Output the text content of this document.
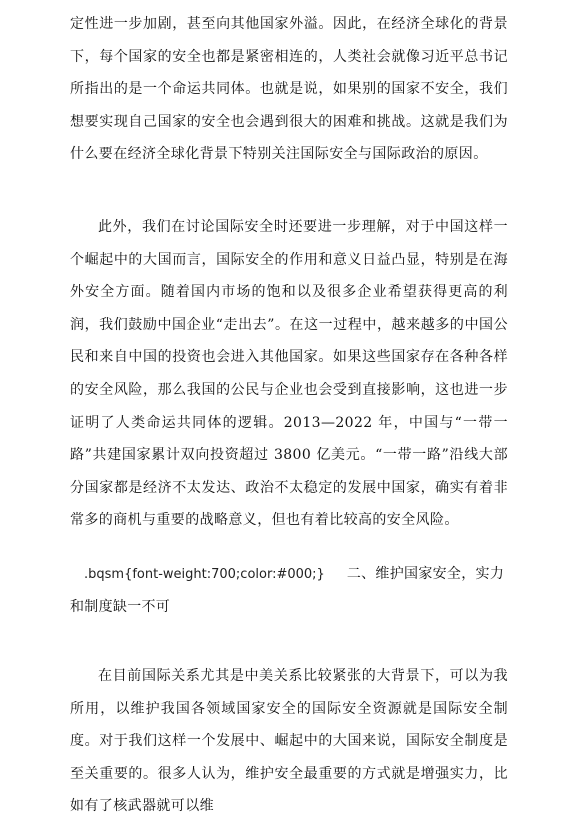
定性进一步加剧，甚至向其他国家外溢。因此，在经济全球化的背景下，每个国家的安全也都是紧密相连的，人类社会就像习近平总书记所指出的是一个命运共同体。也就是说，如果别的国家不安全，我们想要实现自己国家的安全也会遇到很大的困难和挑战。这就是我们为什么要在经济全球化背景下特别关注国际安全与国际政治的原因。

此外，我们在讨论国际安全时还要进一步理解，对于中国这样一个崛起中的大国而言，国际安全的作用和意义日益凸显，特别是在海外安全方面。随着国内市场的饱和以及很多企业希望获得更高的利润，我们鼓励中国企业“走出去”。在这一过程中，越来越多的中国公民和来自中国的投资也会进入其他国家。如果这些国家存在各种各样的安全风险，那么我国的公民与企业也会受到直接影响，这也进一步证明了人类命运共同体的逻辑。2013—2022 年，中国与“一带一路”共建国家累计双向投资超过 3800 亿美元。“一带一路”沿线大部分国家都是经济不太发达、政治不太稳定的发展中国家，确实有着非常多的商机与重要的战略意义，但也有着比较高的安全风险。

.bqsm{font-weight:700;color:#000;} 二、维护国家安全，实力和制度缺一不可

在目前国际关系尤其是中美关系比较紧张的大背景下，可以为我所用，以维护我国各领域国家安全的国际安全资源就是国际安全制度。对于我们这样一个发展中、崛起中的大国来说，国际安全制度是至关重要的。很多人认为，维护安全最重要的方式就是增强实力，比如有了核武器就可以维
